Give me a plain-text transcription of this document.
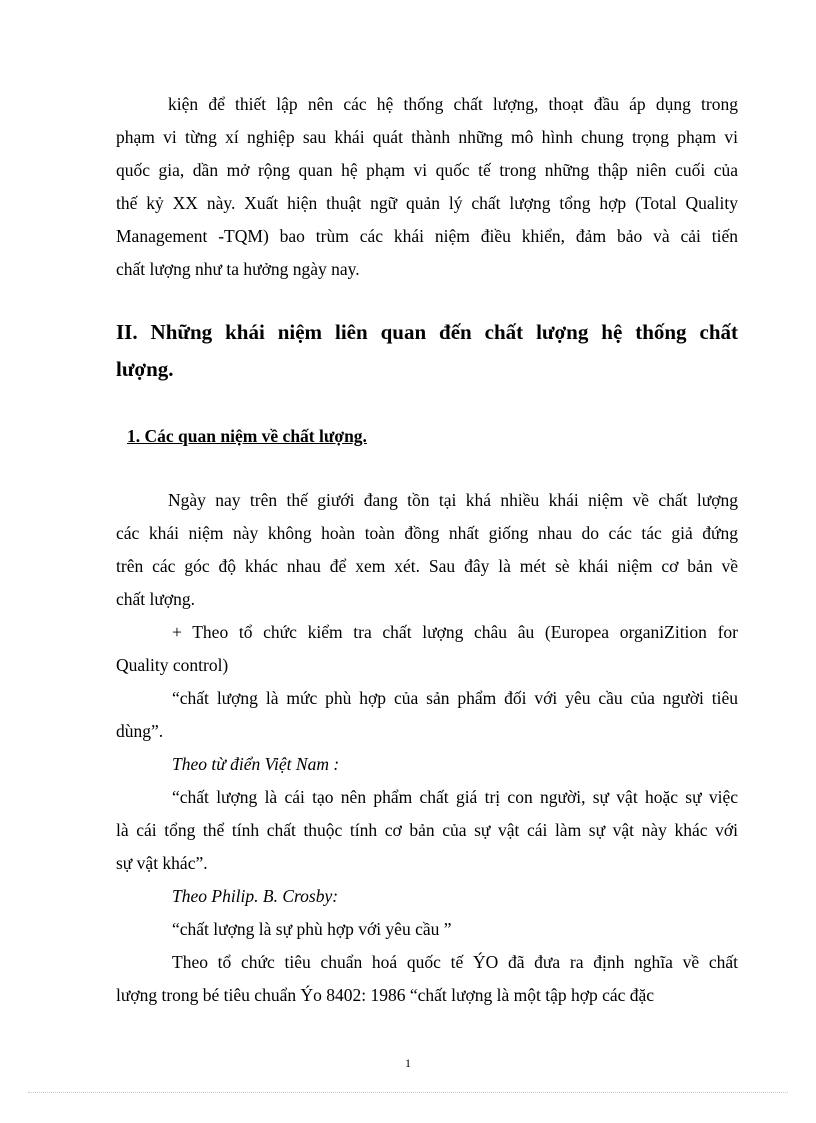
kiện để thiết lập nên các hệ thống chất lượng, thoạt đầu áp dụng trong

phạm vi từng xí nghiệp sau khái quát thành những mô hình chung trọng phạm vi

quốc gia, dần mở rộng quan hệ phạm vi quốc tế trong những thập niên cuối của

thế kỷ XX này. Xuất hiện thuật ngữ quản lý chất lượng tổng hợp (Total Quality

Management -TQM) bao trùm các khái niệm điều khiển, đảm bảo và cải tiến

chất lượng như ta hưởng ngày nay.

II. Những khái niệm liên quan đến chất lượng hệ thống chất
lượng.
1. Các quan niệm về chất lượng.

Ngày nay trên thế giưới đang tồn tại khá nhiều khái niệm về chất lượng

các khái niệm này không hoàn toàn đồng nhất giống nhau do các tác giả đứng

trên các góc độ khác nhau để xem xét. Sau đây là mét sè khái niệm cơ bản về

chất lượng.

+ Theo tổ chức kiểm tra chất lượng châu âu (Europea organiZition for

Quality control)

“chất lượng là mức phù hợp của sản phẩm đối với yêu cầu của người tiêu

dùng”.

Theo từ điển Việt Nam :

“chất lượng là cái tạo nên phẩm chất giá trị con người, sự vật hoặc sự việc

là cái tổng thể tính chất thuộc tính cơ bản của sự vật cái làm sự vật này khác với

sự vật khác”.

Theo Philip. B. Crosby:

“chất lượng là sự phù hợp với yêu cầu ”

Theo tổ chức tiêu chuẩn hoá quốc tế ÝO đã đưa ra định nghĩa về chất

lượng trong bé tiêu chuẩn Ýo 8402: 1986 “chất lượng là một tập hợp các đặc

1
